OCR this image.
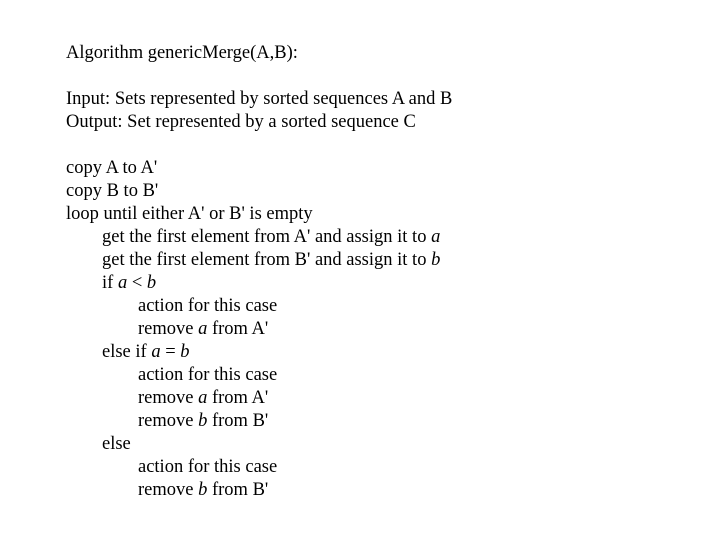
Algorithm genericMerge(A,B):
Input: Sets represented by sorted sequences A and B
Output: Set represented by a sorted sequence C
copy A to A'
copy B to B'
loop until either A' or B' is empty
get the first element from A' and assign it to a
get the first element from B' and assign it to b
if a < b
action for this case
remove a from A'
else if a = b
action for this case
remove a from A'
remove b from B'
else
action for this case
remove b from B'
